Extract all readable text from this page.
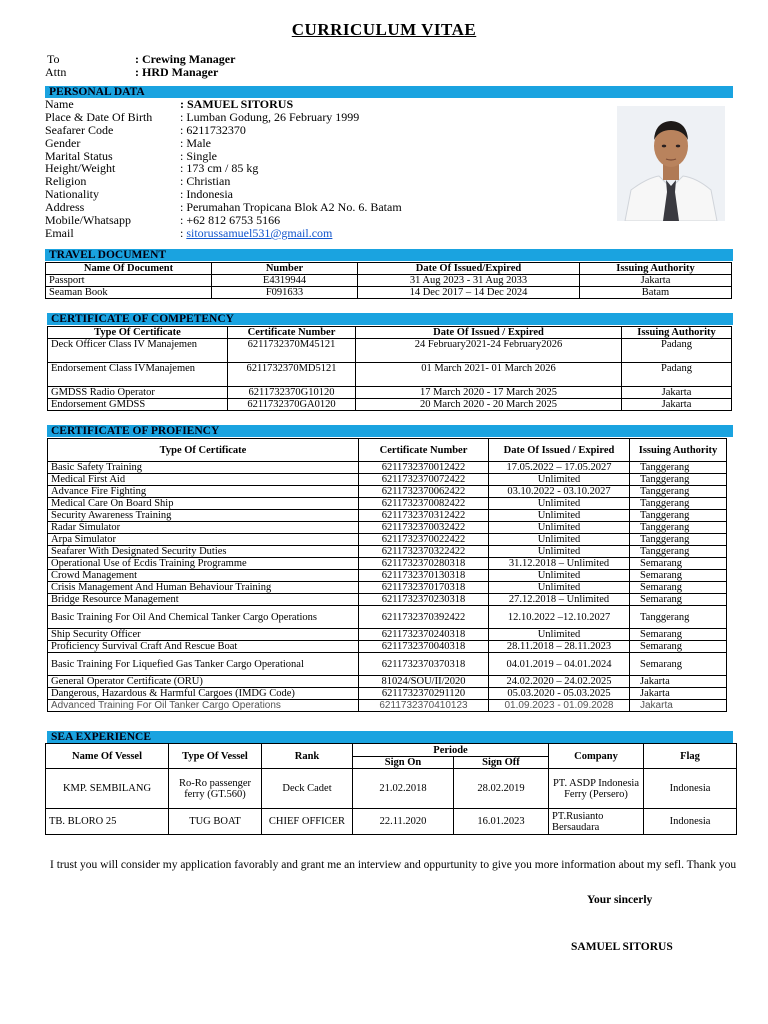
CURRICULUM VITAE
To	: Crewing Manager
Attn	: HRD Manager
PERSONAL DATA
Name	: SAMUEL SITORUS
Place & Date Of Birth : Lumban Godung, 26 February 1999
Seafarer Code	: 6211732370
Gender	: Male
Marital Status	: Single
Height/Weight	: 173 cm / 85 kg
Religion	: Christian
Nationality	: Indonesia
Address	: Perumahan Tropicana Blok A2 No. 6. Batam
Mobile/Whatsapp	: +62 812 6753 5166
Email	: sitorussamuel531@gmail.com
TRAVEL DOCUMENT
Name Of Document	Number	Date Of Issued/Expired	Issuing Authority
Passport	E4319944	31 Aug 2023 - 31 Aug 2033	Jakarta
Seaman Book	F091633	14 Dec 2017 – 14 Dec 2024	Batam
CERTIFICATE OF COMPETENCY
Type Of Certificate	Certificate Number	Date Of Issued / Expired	Issuing Authority
Deck Officer Class IV Manajemen	6211732370M45121	24 February2021-24 February2026	Padang
Endorsement Class IVManajemen	6211732370MD5121	01 March 2021- 01 March 2026	Padang
GMDSS Radio Operator	6211732370G10120	17 March 2020 - 17 March 2025	Jakarta
Endorsement GMDSS	6211732370GA0120	20 March 2020 - 20 March 2025	Jakarta
CERTIFICATE OF PROFIENCY
Type Of Certificate	Certificate Number	Date Of Issued / Expired	Issuing Authority
Basic Safety Training	6211732370012422	17.05.2022 – 17.05.2027	Tanggerang
Medical First Aid	6211732370072422	Unlimited	Tanggerang
Advance Fire Fighting	6211732370062422	03.10.2022 - 03.10.2027	Tanggerang
Medical Care On Board Ship	6211732370082422	Unlimited	Tanggerang
Security Awareness Training	6211732370312422	Unlimited	Tanggerang
Radar Simulator	6211732370032422	Unlimited	Tanggerang
Arpa Simulator	6211732370022422	Unlimited	Tanggerang
Seafarer With Designated Security Duties	6211732370322422	Unlimited	Tanggerang
Operational Use of Ecdis Training Programme	6211732370280318	31.12.2018 – Unlimited	Semarang
Crowd Management	6211732370130318	Unlimited	Semarang
Crisis Management And Human Behaviour Training	6211732370170318	Unlimited	Semarang
Bridge Resource Management	6211732370230318	27.12.2018 – Unlimited	Semarang
Basic Training For Oil And Chemical Tanker Cargo Operations	6211732370392422	12.10.2022 –12.10.2027	Tanggerang
Ship Security Officer	6211732370240318	Unlimited	Semarang
Proficiency Survival Craft And Rescue Boat	6211732370040318	28.11.2018 – 28.11.2023	Semarang
Basic Training For Liquefied Gas Tanker Cargo Operational	6211732370370318	04.01.2019 – 04.01.2024	Semarang
General Operator Certificate (ORU)	81024/SOU/II/2020	24.02.2020 – 24.02.2025	Jakarta
Dangerous, Hazardous & Harmful Cargoes (IMDG Code)	6211732370291120	05.03.2020 - 05.03.2025	Jakarta
Advanced Training For Oil Tanker Cargo Operations	6211732370410123	01.09.2023 - 01.09.2028	Jakarta
SEA EXPERIENCE
Name Of Vessel	Type Of Vessel	Rank	Periode		Company	Flag
			Sign On	Sign Off		
KMP. SEMBILANG	Ro-Ro passenger ferry (GT.560)	Deck Cadet	21.02.2018	28.02.2019	PT. ASDP Indonesia Ferry (Persero)	Indonesia
TB. BLORO 25	TUG BOAT	CHIEF OFFICER	22.11.2020	16.01.2023	PT.Rusianto Bersaudara	Indonesia
I trust you will consider my application favorably and grant me an interview and oppurtunity to give you more information about my sefl. Thank you
Your sincerly
SAMUEL SITORUS
